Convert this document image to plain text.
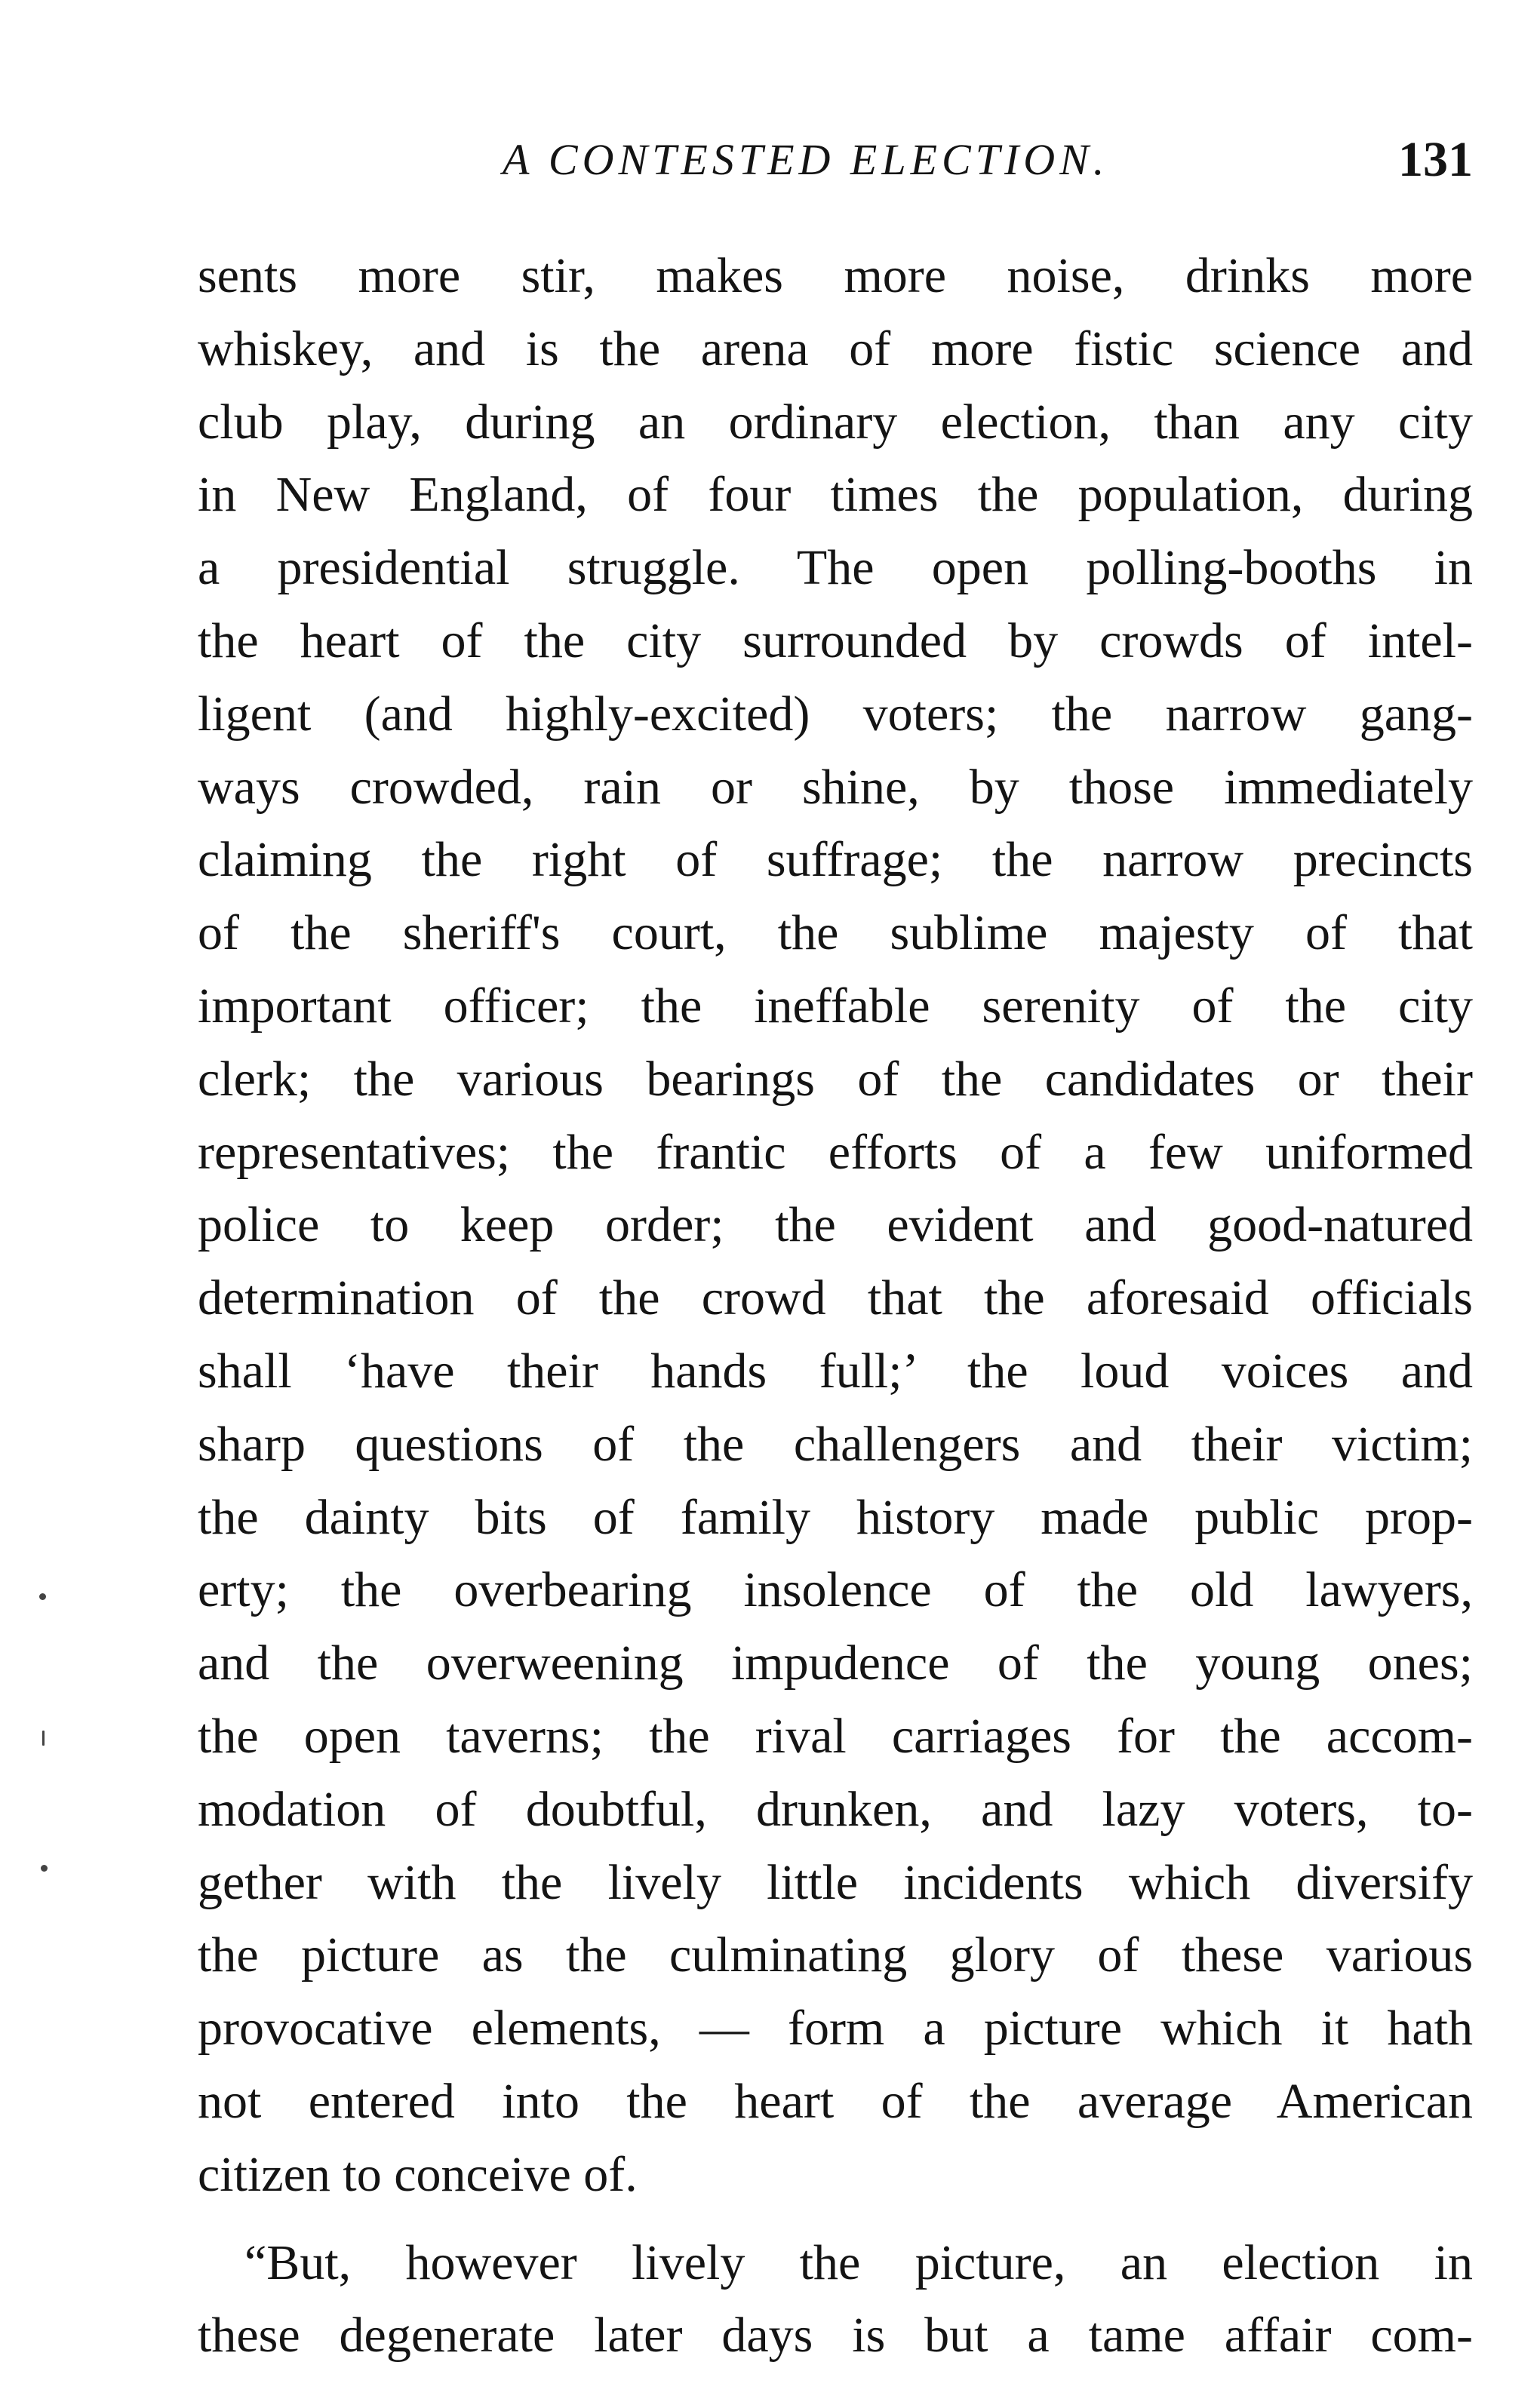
A CONTESTED ELECTION.	131
sents more stir, makes more noise, drinks more
whiskey, and is the arena of more fistic science and
club play, during an ordinary election, than any city
in New England, of four times the population, during
a presidential struggle. The open polling-booths in
the heart of the city surrounded by crowds of intel-
ligent (and highly-excited) voters; the narrow gang-
ways crowded, rain or shine, by those immediately
claiming the right of suffrage; the narrow precincts
of the sheriff's court, the sublime majesty of that
important officer; the ineffable serenity of the city
clerk; the various bearings of the candidates or their
representatives; the frantic efforts of a few uniformed
police to keep order; the evident and good-natured
determination of the crowd that the aforesaid officials
shall ‘have their hands full;’ the loud voices and
sharp questions of the challengers and their victim;
the dainty bits of family history made public prop-
erty; the overbearing insolence of the old lawyers,
and the overweening impudence of the young ones;
the open taverns; the rival carriages for the accom-
modation of doubtful, drunken, and lazy voters, to-
gether with the lively little incidents which diversify
the picture as the culminating glory of these various
provocative elements, — form a picture which it hath
not entered into the heart of the average American
citizen to conceive of.
“But, however lively the picture, an election in
these degenerate later days is but a tame affair com-
